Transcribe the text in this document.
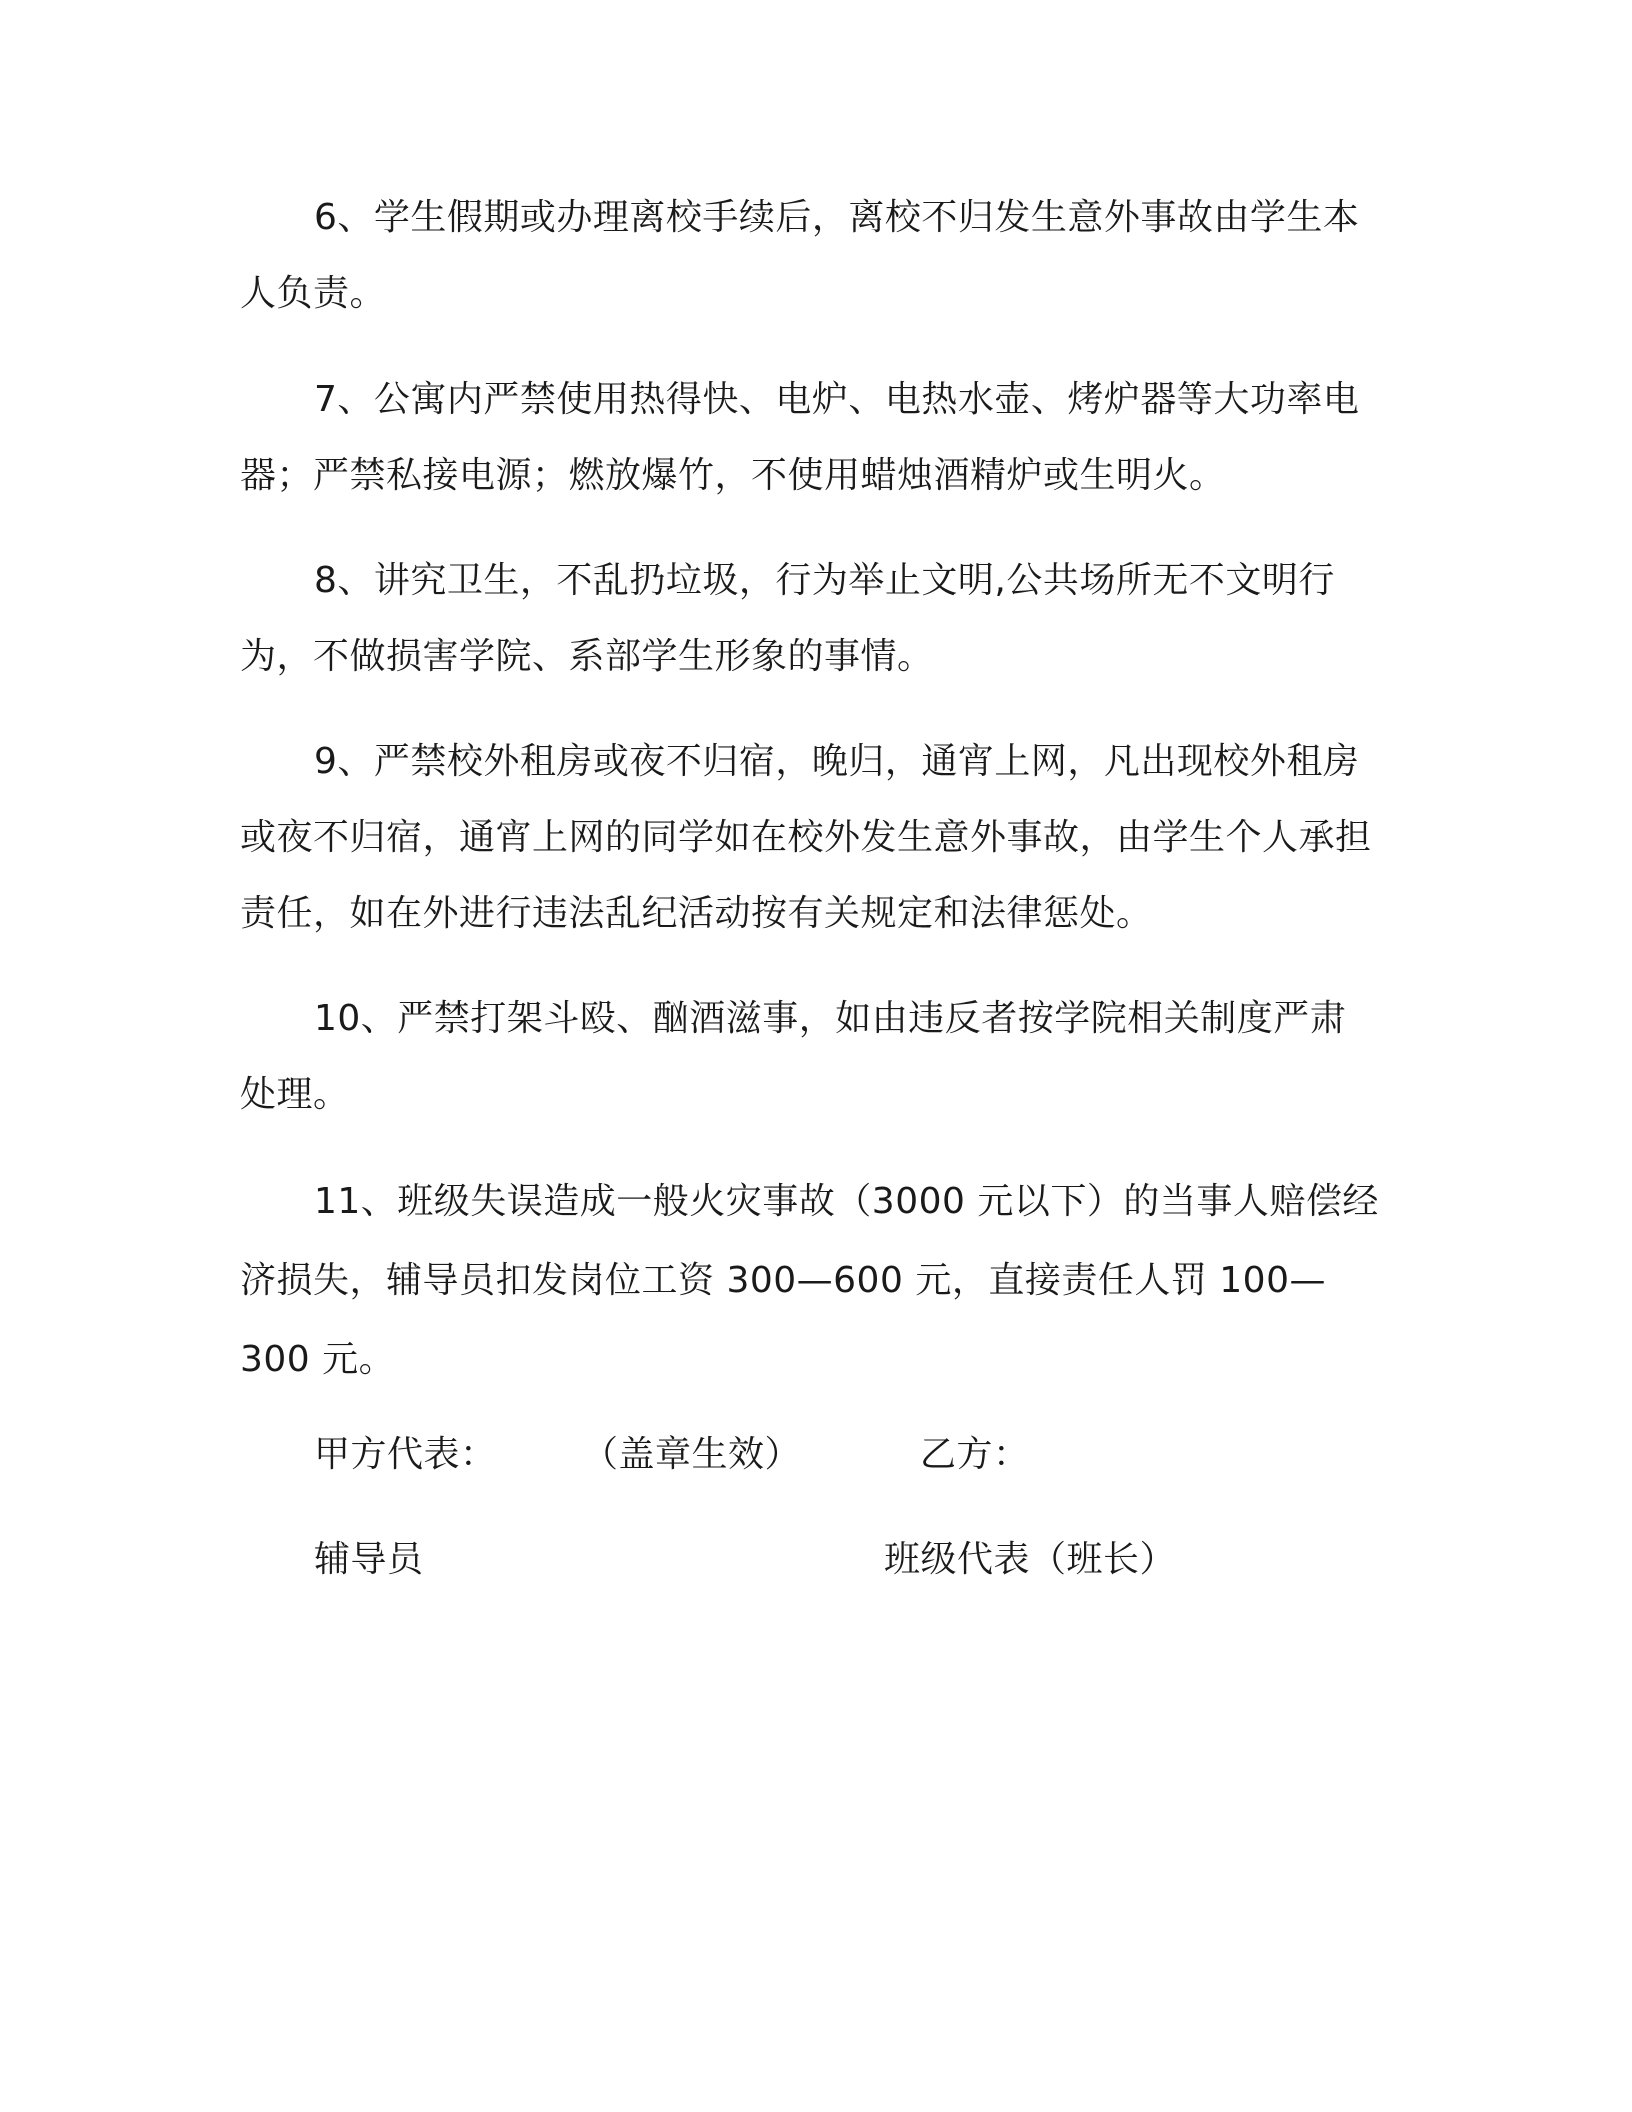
6、学生假期或办理离校手续后，离校不归发生意外事故由学生本人负责。

7、公寓内严禁使用热得快、电炉、电热水壶、烤炉器等大功率电器；严禁私接电源；燃放爆竹，不使用蜡烛酒精炉或生明火。

8、讲究卫生，不乱扔垃圾，行为举止文明,公共场所无不文明行为，不做损害学院、系部学生形象的事情。

9、严禁校外租房或夜不归宿，晚归，通宵上网，凡出现校外租房或夜不归宿，通宵上网的同学如在校外发生意外事故，由学生个人承担责任，如在外进行违法乱纪活动按有关规定和法律惩处。

10、严禁打架斗殴、酗酒滋事，如由违反者按学院相关制度严肃处理。

11、班级失误造成一般火灾事故（3000 元以下）的当事人赔偿经济损失，辅导员扣发岗位工资 300—600 元，直接责任人罚 100—300 元。

甲方代表： （盖章生效）	乙方：
辅导员	班级代表（班长）
